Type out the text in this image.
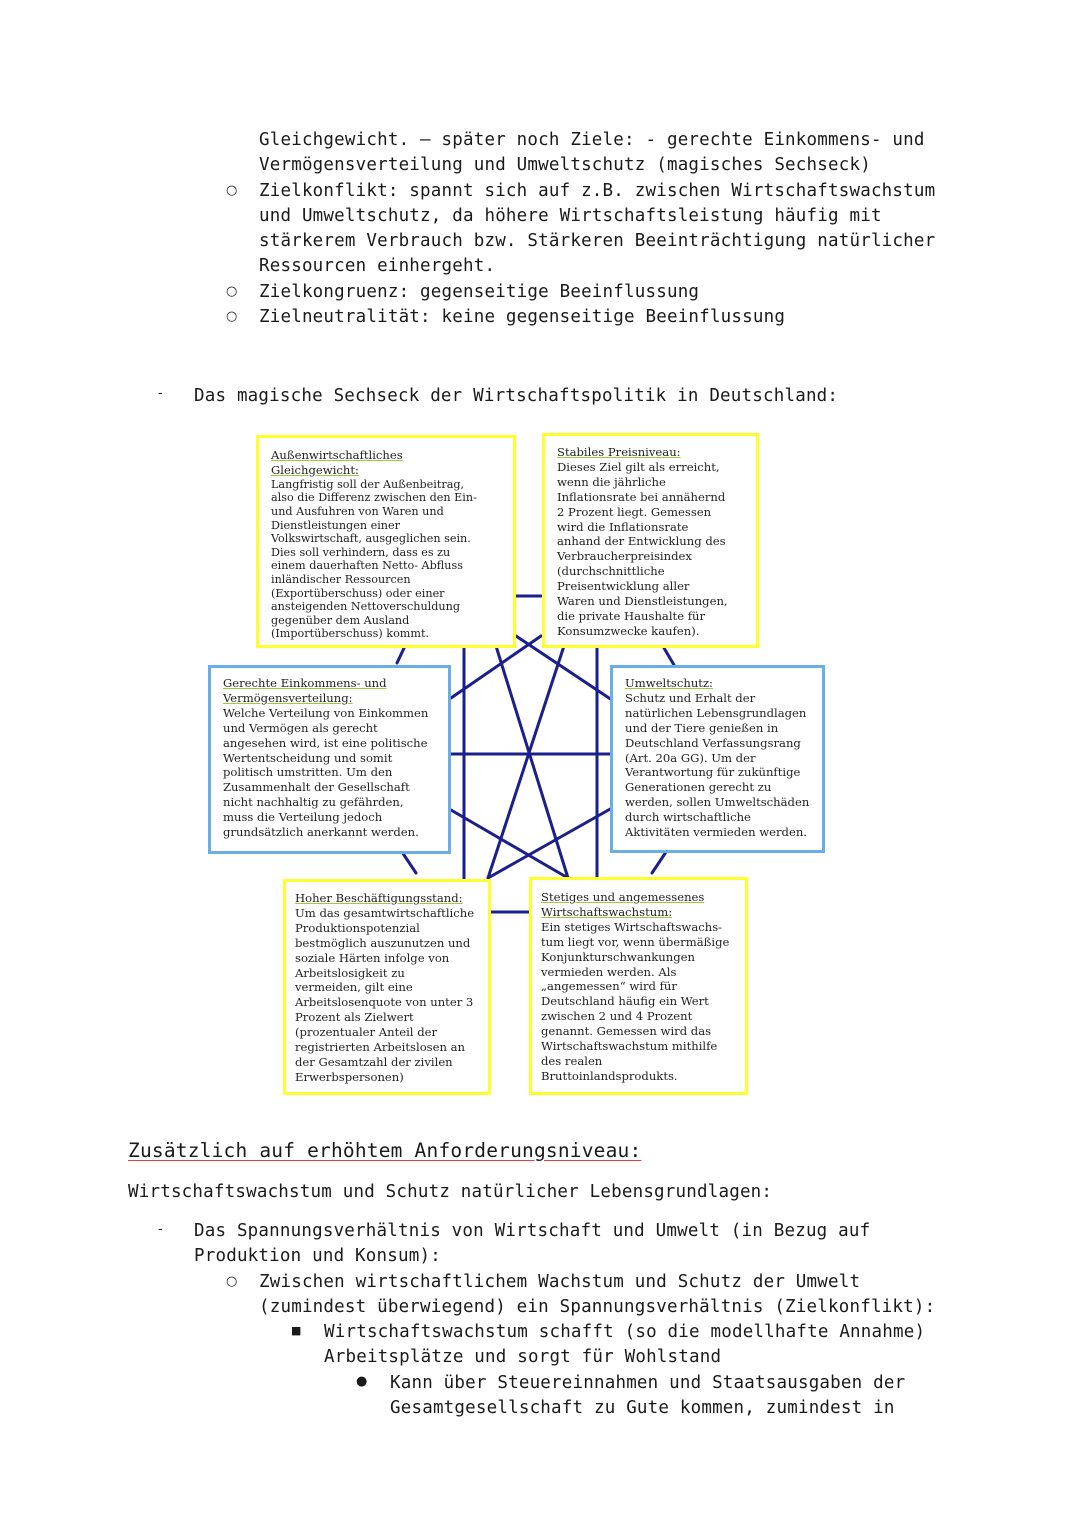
Gleichgewicht. – später noch Ziele: - gerechte Einkommens- und
Vermögensverteilung und Umweltschutz (magisches Sechseck)
○ Zielkonflikt: spannt sich auf z.B. zwischen Wirtschaftswachstum
und Umweltschutz, da höhere Wirtschaftsleistung häufig mit
stärkerem Verbrauch bzw. Stärkeren Beeinträchtigung natürlicher
Ressourcen einhergeht.
○ Zielkongruenz: gegenseitige Beeinflussung
○ Zielneutralität: keine gegenseitige Beeinflussung
- Das magische Sechseck der Wirtschaftspolitik in Deutschland:
Außenwirtschaftliches
Gleichgewicht:
Langfristig soll der Außenbeitrag,
also die Differenz zwischen den Ein-
und Ausfuhren von Waren und
Dienstleistungen einer
Volkswirtschaft, ausgeglichen sein.
Dies soll verhindern, dass es zu
einem dauerhaften Netto- Abfluss
inländischer Ressourcen
(Exportüberschuss) oder einer
ansteigenden Nettoverschuldung
gegenüber dem Ausland
(Importüberschuss) kommt.
Stabiles Preisniveau:
Dieses Ziel gilt als erreicht,
wenn die jährliche
Inflationsrate bei annähernd
2 Prozent liegt. Gemessen
wird die Inflationsrate
anhand der Entwicklung des
Verbraucherpreisindex
(durchschnittliche
Preisentwicklung aller
Waren und Dienstleistungen,
die private Haushalte für
Konsumzwecke kaufen).
Gerechte Einkommens- und
Vermögensverteilung:
Welche Verteilung von Einkommen
und Vermögen als gerecht
angesehen wird, ist eine politische
Wertentscheidung und somit
politisch umstritten. Um den
Zusammenhalt der Gesellschaft
nicht nachhaltig zu gefährden,
muss die Verteilung jedoch
grundsätzlich anerkannt werden.
Umweltschutz:
Schutz und Erhalt der
natürlichen Lebensgrundlagen
und der Tiere genießen in
Deutschland Verfassungsrang
(Art. 20a GG). Um der
Verantwortung für zukünftige
Generationen gerecht zu
werden, sollen Umweltschäden
durch wirtschaftliche
Aktivitäten vermieden werden.
Hoher Beschäftigungsstand:
Um das gesamtwirtschaftliche
Produktionspotenzial
bestmöglich auszunutzen und
soziale Härten infolge von
Arbeitslosigkeit zu
vermeiden, gilt eine
Arbeitslosenquote von unter 3
Prozent als Zielwert
(prozentualer Anteil der
registrierten Arbeitslosen an
der Gesamtzahl der zivilen
Erwerbspersonen)
Stetiges und angemessenes
Wirtschaftswachstum:
Ein stetiges Wirtschaftswachs-
tum liegt vor, wenn übermäßige
Konjunkturschwankungen
vermieden werden. Als
„angemessen“ wird für
Deutschland häufig ein Wert
zwischen 2 und 4 Prozent
genannt. Gemessen wird das
Wirtschaftswachstum mithilfe
des realen
Bruttoinlandsprodukts.
Zusätzlich auf erhöhtem Anforderungsniveau:
Wirtschaftswachstum und Schutz natürlicher Lebensgrundlagen:
- Das Spannungsverhältnis von Wirtschaft und Umwelt (in Bezug auf
Produktion und Konsum):
○ Zwischen wirtschaftlichem Wachstum und Schutz der Umwelt
(zumindest überwiegend) ein Spannungsverhältnis (Zielkonflikt):
■ Wirtschaftswachstum schafft (so die modellhafte Annahme)
Arbeitsplätze und sorgt für Wohlstand
● Kann über Steuereinnahmen und Staatsausgaben der
Gesamtgesellschaft zu Gute kommen, zumindest in
